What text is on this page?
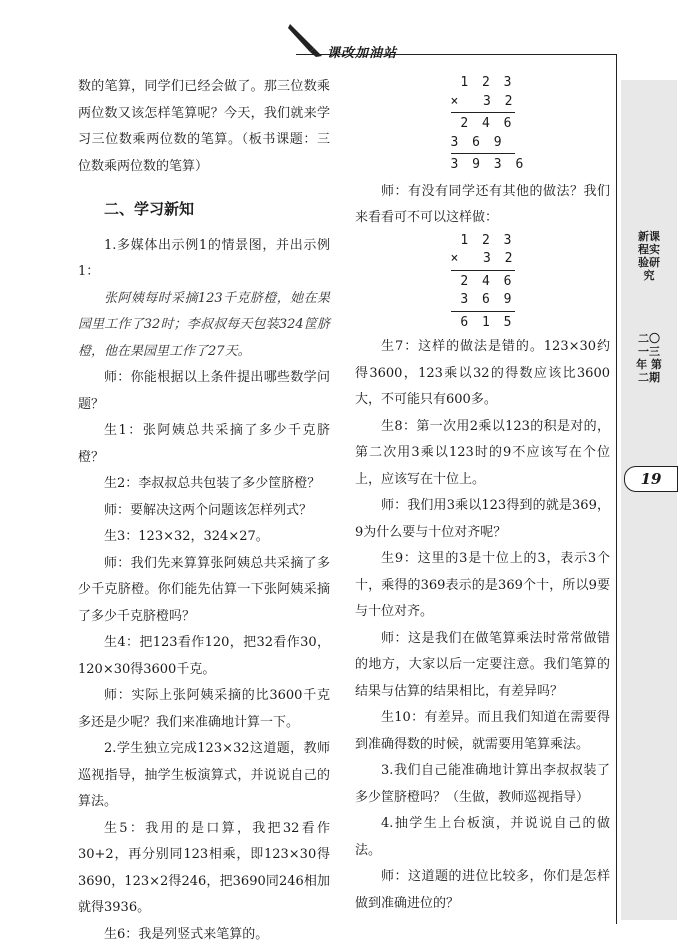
课改加油站
新课程实验研究
二〇一三年 第二期
19

数的笔算，同学们已经会做了。那三位数乘两位数又该怎样笔算呢？今天，我们就来学习三位数乘两位数的笔算。（板书课题：三位数乘两位数的笔算）

二、学习新知

1.多媒体出示例1的情景图，并出示例1：

张阿姨每时采摘123千克脐橙，她在果园里工作了32时；李叔叔每天包装324筐脐橙，他在果园里工作了27天。

师：你能根据以上条件提出哪些数学问题？

生1：张阿姨总共采摘了多少千克脐橙？

生2：李叔叔总共包装了多少筐脐橙？

师：要解决这两个问题该怎样列式？

生3：123×32，324×27。

师：我们先来算算张阿姨总共采摘了多少千克脐橙。你们能先估算一下张阿姨采摘了多少千克脐橙吗？

生4：把123看作120，把32看作30，120×30得3600千克。

师：实际上张阿姨采摘的比3600千克多还是少呢？我们来准确地计算一下。

2.学生独立完成123×32这道题，教师巡视指导，抽学生板演算式，并说说自己的算法。

生5：我用的是口算，我把32看作30+2，再分别同123相乘，即123×30得3690，123×2得246，把3690同246相加就得3936。

生6：我是列竖式来笔算的。

1 2 3
×  3 2
2 4 6
3 6 9
3 9 3 6

师：有没有同学还有其他的做法？我们来看看可不可以这样做：

1 2 3
×  3 2
2 4 6
3 6 9
6 1 5

生7：这样的做法是错的。123×30约得3600，123乘以32的得数应该比3600大，不可能只有600多。

生8：第一次用2乘以123的积是对的，第二次用3乘以123时的9不应该写在个位上，应该写在十位上。

师：我们用3乘以123得到的就是369，9为什么要与十位对齐呢？

生9：这里的3是十位上的3，表示3个十，乘得的369表示的是369个十，所以9要与十位对齐。

师：这是我们在做笔算乘法时常常做错的地方，大家以后一定要注意。我们笔算的结果与估算的结果相比，有差异吗？

生10：有差异。而且我们知道在需要得到准确得数的时候，就需要用笔算乘法。

3.我们自己能准确地计算出李叔叔装了多少筐脐橙吗？（生做，教师巡视指导）

4.抽学生上台板演，并说说自己的做法。

师：这道题的进位比较多，你们是怎样做到准确进位的？
